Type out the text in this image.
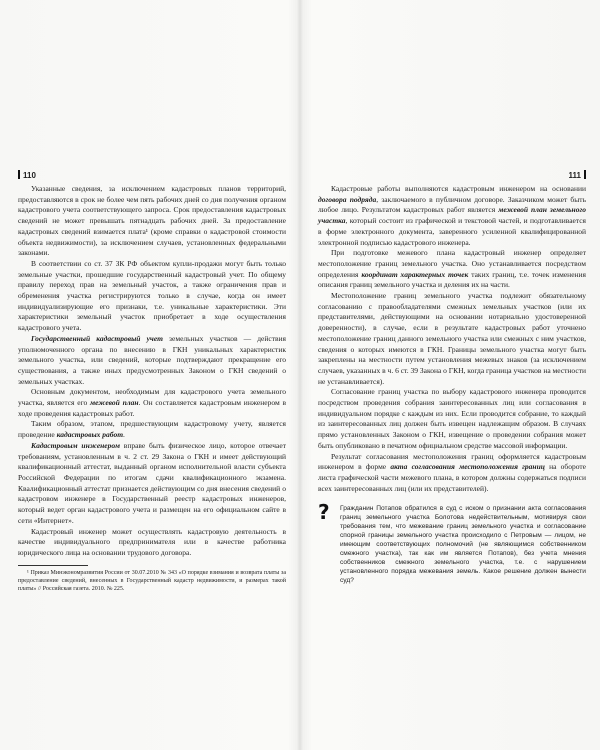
110

Указанные сведения, за исключением кадастровых планов территорий, предоставляются в срок не более чем пять рабочих дней со дня получения органом кадастрового учета соответствующего запроса. Срок предоставления кадастровых сведений не может превышать пятнадцать рабочих дней. За предоставление кадастровых сведений взимается плата¹ (кроме справки о кадастровой стоимости объекта недвижимости), за исключением случаев, установленных федеральными законами.

В соответствии со ст. 37 ЗК РФ объектом купли-продажи могут быть только земельные участки, прошедшие государственный кадастровый учет. По общему правилу переход прав на земельный участок, а также ограничения прав и обременения участка регистрируются только в случае, когда он имеет индивидуализирующие его признаки, т.е. уникальные характеристики. Эти характеристики земельный участок приобретает в ходе осуществления кадастрового учета.

Государственный кадастровый учет земельных участков — действия уполномоченного органа по внесению в ГКН уникальных характеристик земельного участка, или сведений, которые подтверждают прекращение его существования, а также иных предусмотренных Законом о ГКН сведений о земельных участках.

Основным документом, необходимым для кадастрового учета земельного участка, является его межевой план. Он составляется кадастровым инженером в ходе проведения кадастровых работ.

Таким образом, этапом, предшествующим кадастровому учету, является проведение кадастровых работ.

Кадастровым инженером вправе быть физическое лицо, которое отвечает требованиям, установленным в ч. 2 ст. 29 Закона о ГКН и имеет действующий квалификационный аттестат, выданный органом исполнительной власти субъекта Российской Федерации по итогам сдачи квалификационного экзамена. Квалификационный аттестат признается действующим со дня внесения сведений о кадастровом инженере в Государственный реестр кадастровых инженеров, который ведет орган кадастрового учета и размещен на его официальном сайте в сети «Интернет».

Кадастровый инженер может осуществлять кадастровую деятельность в качестве индивидуального предпринимателя или в качестве работника юридического лица на основании трудового договора.

¹ Приказ Минэкономразвития России от 30.07.2010 № 343 «О порядке взимания и возврата платы за предоставление сведений, внесенных в Государственный кадастр недвижимости, и размерах такой платы» // Российская газета. 2010. № 225.

111

Кадастровые работы выполняются кадастровым инженером на основании договора подряда, заключаемого в публичном договоре. Заказчиком может быть любое лицо. Результатом кадастровых работ является межевой план земельного участка, который состоит из графической и текстовой частей, и подготавливается в форме электронного документа, заверенного усиленной квалифицированной электронной подписью кадастрового инженера.

При подготовке межевого плана кадастровый инженер определяет местоположение границ земельного участка. Оно устанавливается посредством определения координат характерных точек таких границ, т.е. точек изменения описания границ земельного участка и деления их на части.

Местоположение границ земельного участка подлежит обязательному согласованию с правообладателями смежных земельных участков (или их представителями, действующими на основании нотариально удостоверенной доверенности), в случае, если в результате кадастровых работ уточнено местоположение границ данного земельного участка или смежных с ним участков, сведения о которых имеются в ГКН. Границы земельного участка могут быть закреплены на местности путем установления межевых знаков (за исключением случаев, указанных в ч. 6 ст. 39 Закона о ГКН, когда граница участков на местности не устанавливается).

Согласование границ участка по выбору кадастрового инженера проводится посредством проведения собрания заинтересованных лиц или согласования в индивидуальном порядке с каждым из них. Если проводится собрание, то каждый из заинтересованных лиц должен быть извещен надлежащим образом. В случаях прямо установленных Законом о ГКН, извещение о проведении собрания может быть опубликовано в печатном официальном средстве массовой информации.

Результат согласования местоположения границ оформляется кадастровым инженером в форме акта согласования местоположения границ на обороте листа графической части межевого плана, в котором должны содержаться подписи всех заинтересованных лиц (или их представителей).

? Гражданин Потапов обратился в суд с иском о признании акта согласования границ земельного участка Болотова недействительным, мотивируя свои требования тем, что межевание границ земельного участка и согласование спорной границы земельного участка происходило с Петровым — лицом, не имеющим соответствующих полномочий (не являющимся собственником смежного участка), так как им является Потапов), без учета мнения собственников смежного земельного участка, т.е. с нарушением установленного порядка межевания земель. Какое решение должен вынести суд?
